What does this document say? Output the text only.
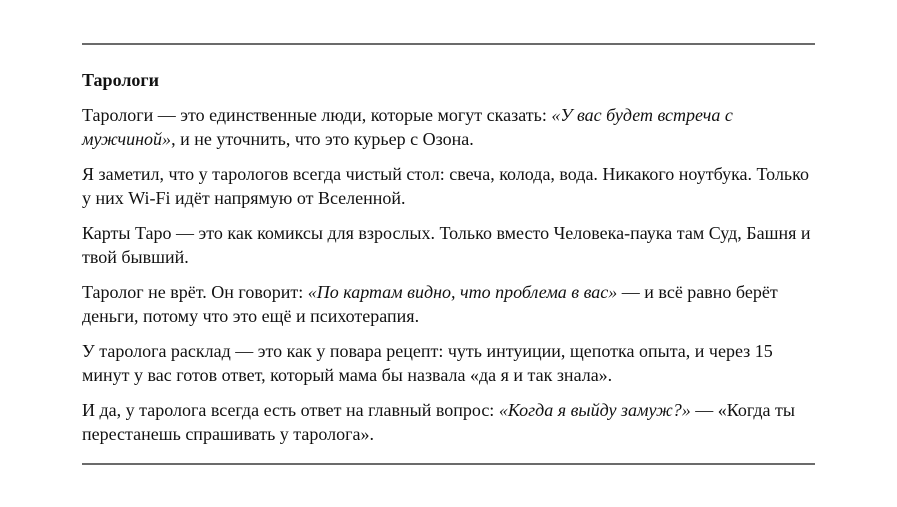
Тарологи

Тарологи — это единственные люди, которые могут сказать: «У вас будет встреча с мужчиной», и не уточнить, что это курьер с Озона.

Я заметил, что у тарологов всегда чистый стол: свеча, колода, вода. Никакого ноутбука. Только у них Wi-Fi идёт напрямую от Вселенной.

Карты Таро — это как комиксы для взрослых. Только вместо Человека-паука там Суд, Башня и твой бывший.

Таролог не врёт. Он говорит: «По картам видно, что проблема в вас» — и всё равно берёт деньги, потому что это ещё и психотерапия.

У таролога расклад — это как у повара рецепт: чуть интуиции, щепотка опыта, и через 15 минут у вас готов ответ, который мама бы назвала «да я и так знала».

И да, у таролога всегда есть ответ на главный вопрос: «Когда я выйду замуж?» — «Когда ты перестанешь спрашивать у таролога».
